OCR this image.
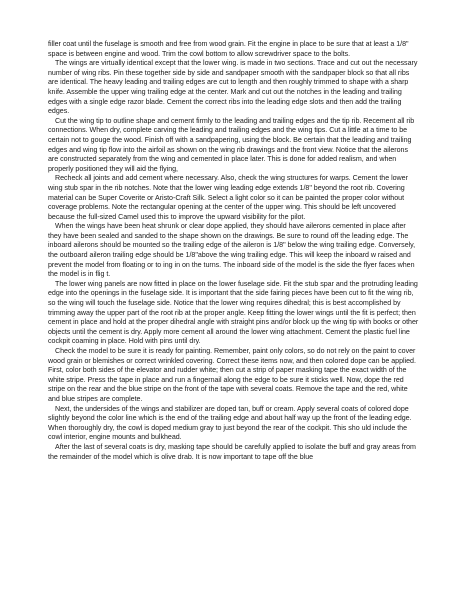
filler coat until the fuselage is smooth and free from wood grain. Fit the engine in place to be sure that at least a 1/8" space is between engine and wood. Trim the cowl bottom to allow screwdriver space to the bolts.

The wings are virtually identical except that the lower wing. is made in two sections. Trace and cut out the necessary number of wing ribs. Pin these together side by side and sandpaper smooth with the sandpaper block so that all ribs are identical. The heavy leading and trailing edges are cut to length and then roughly trimmed to shape with a sharp knife. Assemble the upper wing trailing edge at the center. Mark and cut out the notches in the leading and trailing edges with a single edge razor blade. Cement the correct ribs into the leading edge slots and then add the trailing edges.

Cut the wing tip to outline shape and cement firmly to the leading and trailing edges and the tip rib. Recement all rib connections. When dry, complete carving the leading and trailing edges and the wing tips. Cut a little at a time to be certain not to gouge the wood. Finish off with a sandpapering, using the block. Be certain that the leading and trailing edges and wing tip flow into the airfoil as shown on the wing rib drawings and the front view. Notice that the ailerons are constructed separately from the wing and cemented in place later. This is done for added realism, and when properly positioned they will aid the flying,

Recheck all joints and add cement where necessary. Also, check the wing structures for warps. Cement the lower wing stub spar in the rib notches. Note that the lower wing leading edge extends 1/8" beyond the root rib. Covering material can be Super Coverite or Aristo-Craft Silk. Select a light color so it can be painted the proper color without coverage problems. Note the rectangular opening at the center of the upper wing. This should be left uncovered because the full-sized Camel used this to improve the upward visibility for the pilot.

When the wings have been heat shrunk or clear dope applied, they should have ailerons cemented in place after they have been sealed and sanded to the shape shown on the drawings. Be sure to round off the leading edge. The inboard ailerons should be mounted so the trailing edge of the aileron is 1/8" below the wing trailing edge. Conversely, the outboard aileron trailing edge should be 1/8"above the wing trailing edge. This will keep the inboard w raised and prevent the model from floating or to ing in on the turns. The inboard side of the model is the side the flyer faces when the model is in flig t.

The lower wing panels are now fitted in place on the lower fuselage side. Fit the stub spar and the protruding leading edge into the openings in the fuselage side. It is important that the side fairing pieces have been cut to fit the wing rib, so the wing will touch the fuselage side. Notice that the lower wing requires dihedral; this is best accomplished by trimming away the upper part of the root rib at the proper angle. Keep fitting the lower wings until the fit is perfect; then cement in place and hold at the proper dihedral angle with straight pins and/or block up the wing tip with books or other objects until the cement is dry. Apply more cement all around the lower wing attachment. Cement the plastic fuel line cockpit coaming in place. Hold with pins until dry.

Check the model to be sure it is ready for painting. Remember, paint only colors, so do not rely on the paint to cover wood grain or blemishes or correct wrinkled covering. Correct these items now, and then colored dope can be applied. First, color both sides of the elevator and rudder white; then cut a strip of paper masking tape the exact width of the white stripe. Press the tape in place and run a fingernail along the edge to be sure it sticks well. Now, dope the red stripe on the rear and the blue stripe on the front of the tape with several coats. Remove the tape and the red, white and blue stripes are complete.

Next, the undersides of the wings and stabilizer are doped tan, buff or cream. Apply several coats of colored dope slightly beyond the color line which is the end of the trailing edge and about half way up the front of the leading edge. When thoroughly dry, the cowl is doped medium gray to just beyond the rear of the cockpit. This sho uld include the cowl interior, engine mounts and bulkhead.

After the last of several coats is dry, masking tape should be carefully applied to isolate the buff and gray areas from the remainder of the model which is olive drab. It is now important to tape off the blue
